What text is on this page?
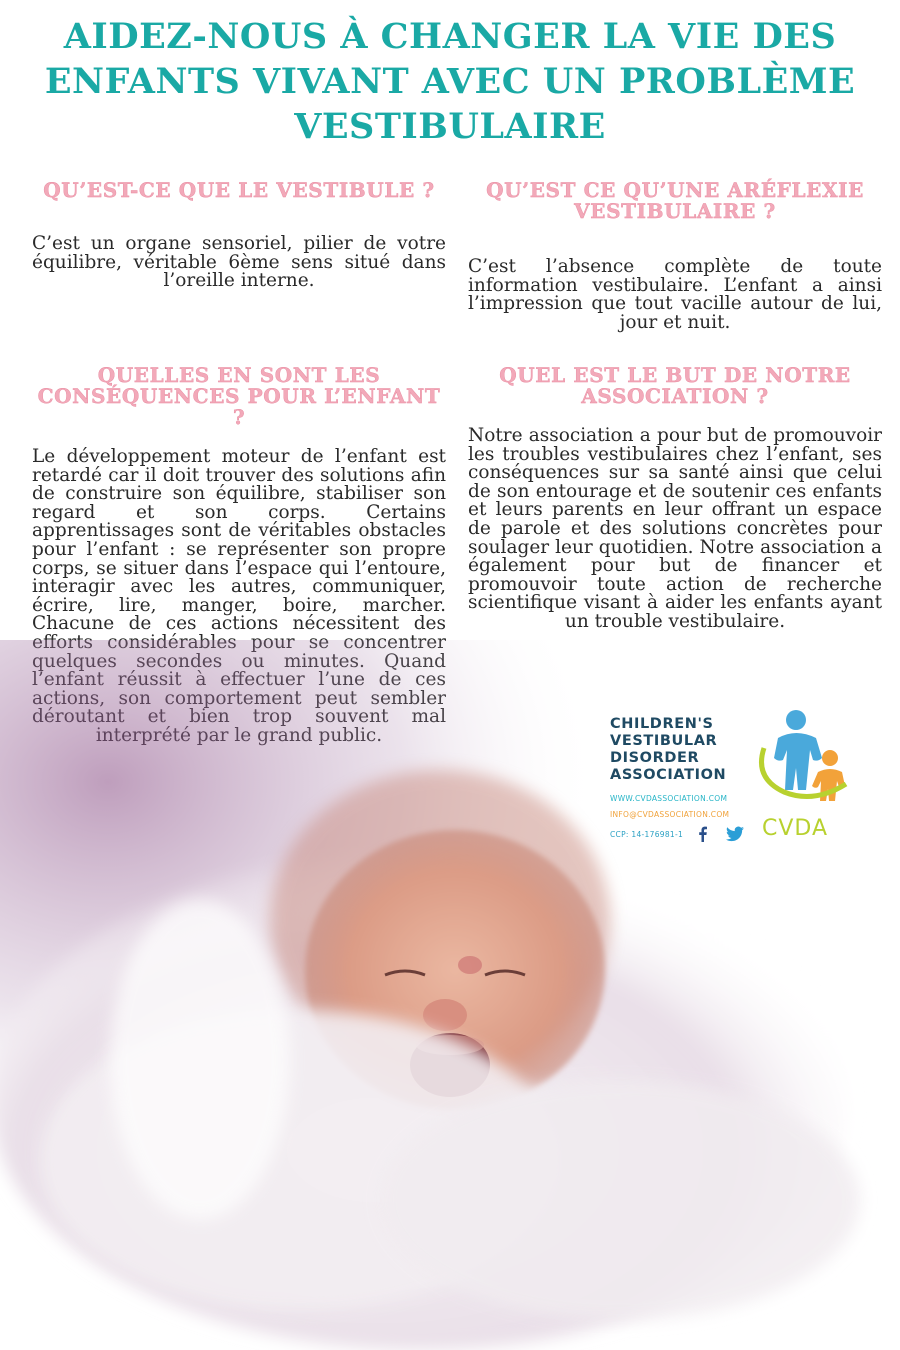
AIDEZ-NOUS À CHANGER LA VIE DES ENFANTS VIVANT AVEC UN PROBLÈME VESTIBULAIRE
QU’EST-CE QUE LE VESTIBULE ?

C’est un organe sensoriel, pilier de votre équilibre, véritable 6ème sens situé dans l’oreille interne.

QU’EST CE QU’UNE ARÉFLEXIE VESTIBULAIRE ?

C’est l’absence complète de toute information vestibulaire. L’enfant a ainsi l’impression que tout vacille autour de lui, jour et nuit.

QUELLES EN SONT LES CONSÉQUENCES POUR L’ENFANT ?

Le développement moteur de l’enfant est retardé car il doit trouver des solutions afin de construire son équilibre, stabiliser son regard et son corps. Certains apprentissages sont de véritables obstacles pour l’enfant : se représenter son propre corps, se situer dans l’espace qui l’entoure, interagir avec les autres, communiquer, écrire, lire, manger, boire, marcher. Chacune de ces actions nécessitent des

QUEL EST LE BUT DE NOTRE ASSOCIATION ?

Notre association a pour but de promouvoir les troubles vestibulaires chez l’enfant, ses conséquences sur sa santé ainsi que celui de son entourage et de soutenir ces enfants et leurs parents en leur offrant un espace de parole et des solutions concrètes pour soulager leur quotidien. Notre association a également pour but de financer et promouvoir toute action de recherche scientifique visant à aider les enfants ayant un trouble vestibulaire.

CHILDREN'S
VESTIBULAR
DISORDER
ASSOCIATION

WWW.CVDASSOCIATION.COM

INFO@CVDASSOCIATION.COM

CCP: 14-176981-1	CVDA
